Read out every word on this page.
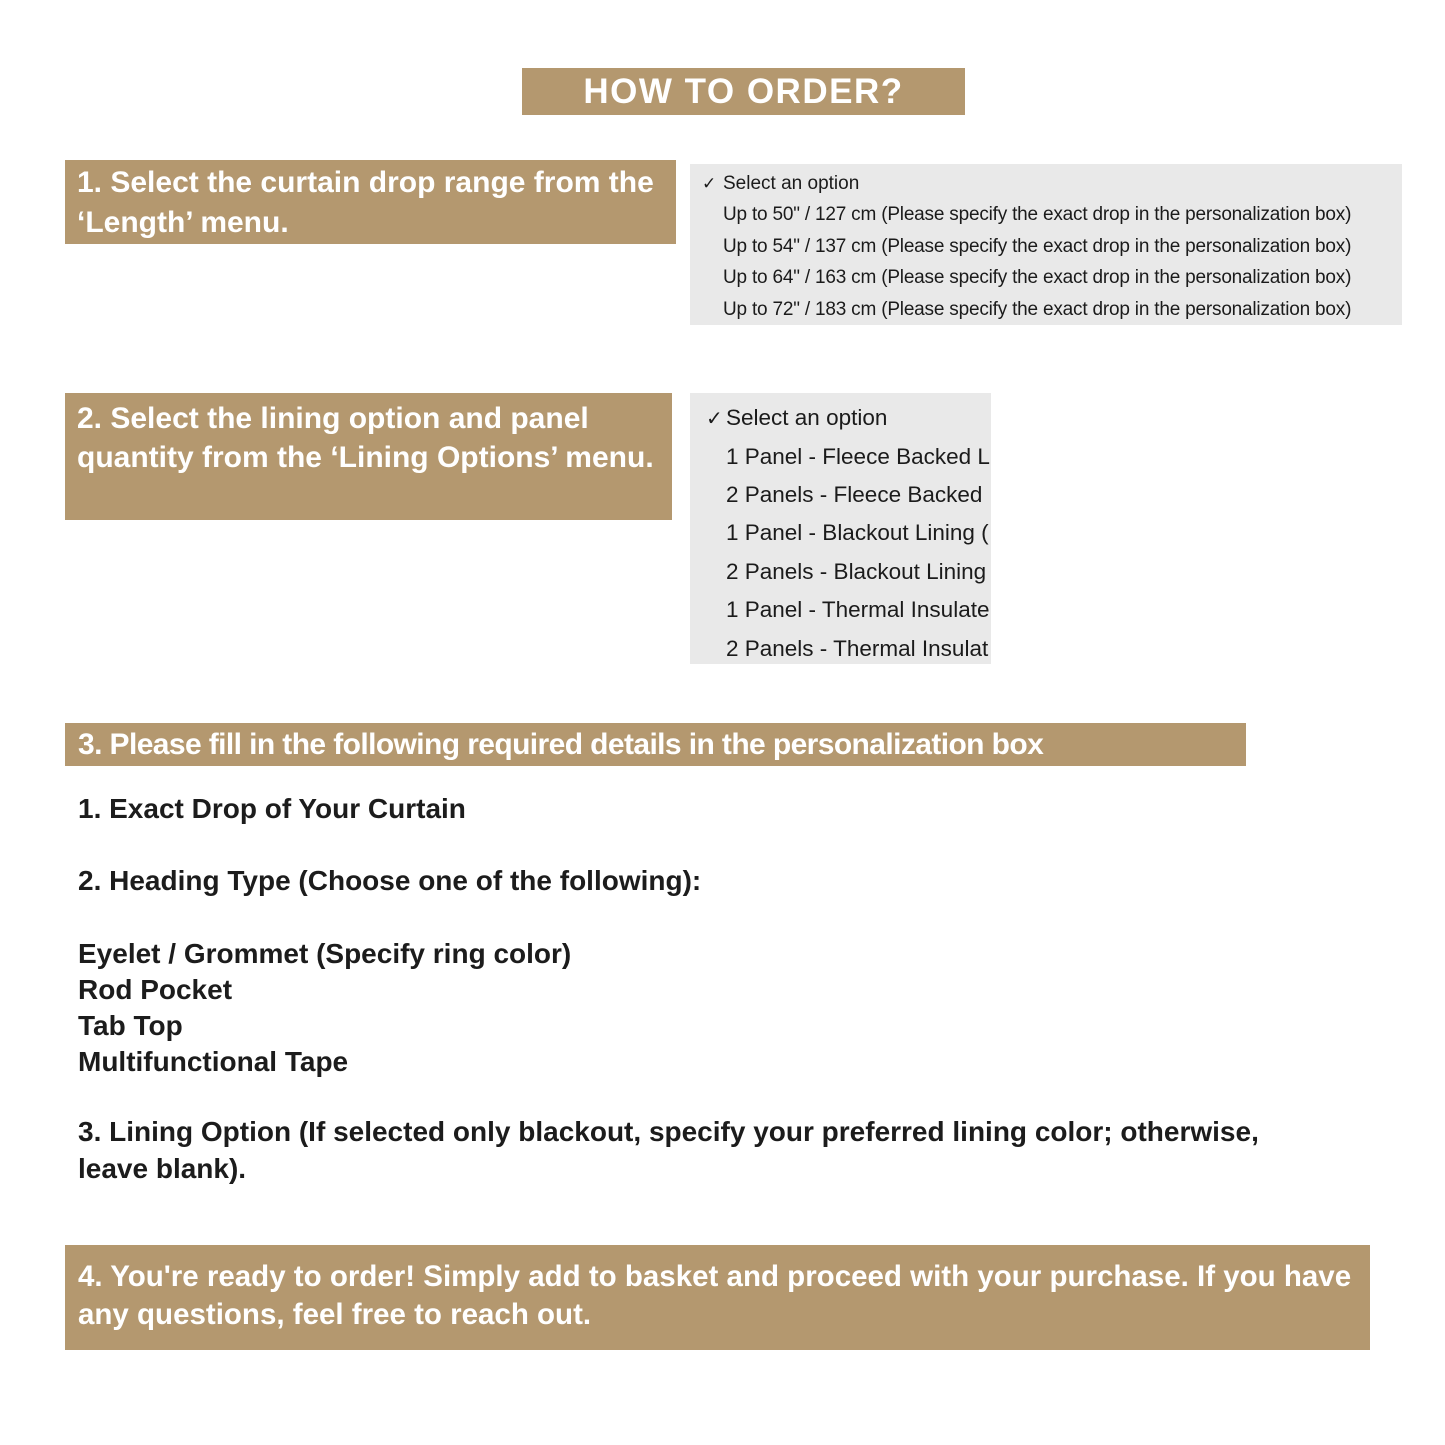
HOW TO ORDER?
1. Select the curtain drop range from the ‘Length’ menu.
✓ Select an option
Up to 50" / 127 cm (Please specify the exact drop in the personalization box)
Up to 54" / 137 cm (Please specify the exact drop in the personalization box)
Up to 64" / 163 cm (Please specify the exact drop in the personalization box)
Up to 72" / 183 cm (Please specify the exact drop in the personalization box)
2. Select the lining option and panel quantity from the ‘Lining Options’ menu.
✓ Select an option
1 Panel - Fleece Backed L
2 Panels - Fleece Backed
1 Panel - Blackout Lining (
2 Panels - Blackout Lining
1 Panel - Thermal Insulate
2 Panels - Thermal Insulat
3. Please fill in the following required details in the personalization box
1. Exact Drop of Your Curtain
2. Heading Type (Choose one of the following):
Eyelet / Grommet (Specify ring color)
Rod Pocket
Tab Top
Multifunctional Tape
3. Lining Option (If selected only blackout, specify your preferred lining color; otherwise, leave blank).
4. You're ready to order! Simply add to basket and proceed with your purchase. If you have any questions, feel free to reach out.
